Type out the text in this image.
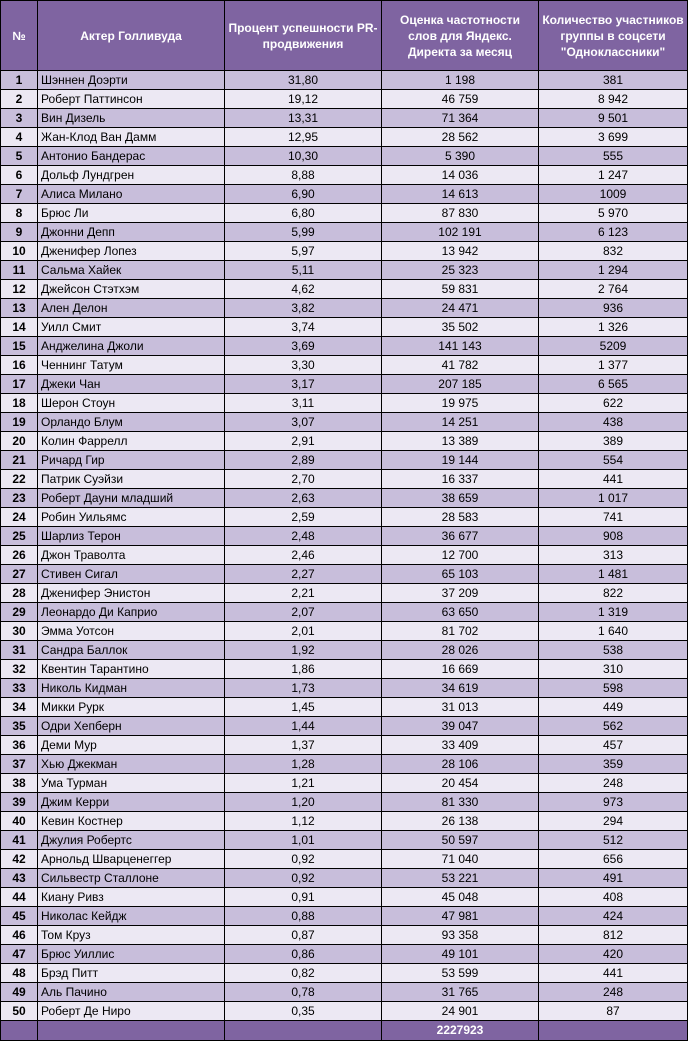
№	Актер Голливуда	Процент успешности PR-продвижения	Оценка частотности слов для Яндекс. Директа за месяц	Количество участников группы в соцсети "Одноклассники"
1	Шэннен Доэрти	31,80	1 198	381
2	Роберт Паттинсон	19,12	46 759	8 942
3	Вин Дизель	13,31	71 364	9 501
4	Жан-Клод Ван Дамм	12,95	28 562	3 699
5	Антонио Бандерас	10,30	5 390	555
6	Дольф Лундгрен	8,88	14 036	1 247
7	Алиса Милано	6,90	14 613	1009
8	Брюс Ли	6,80	87 830	5 970
9	Джонни Депп	5,99	102 191	6 123
10	Дженифер Лопез	5,97	13 942	832
11	Сальма Хайек	5,11	25 323	1 294
12	Джейсон Стэтхэм	4,62	59 831	2 764
13	Ален Делон	3,82	24 471	936
14	Уилл Смит	3,74	35 502	1 326
15	Анджелина Джоли	3,69	141 143	5209
16	Ченнинг Татум	3,30	41 782	1 377
17	Джеки Чан	3,17	207 185	6 565
18	Шерон Стоун	3,11	19 975	622
19	Орландо Блум	3,07	14 251	438
20	Колин Фаррелл	2,91	13 389	389
21	Ричард Гир	2,89	19 144	554
22	Патрик Суэйзи	2,70	16 337	441
23	Роберт Дауни младший	2,63	38 659	1 017
24	Робин Уильямс	2,59	28 583	741
25	Шарлиз Терон	2,48	36 677	908
26	Джон Траволта	2,46	12 700	313
27	Стивен Сигал	2,27	65 103	1 481
28	Дженифер Энистон	2,21	37 209	822
29	Леонардо Ди Каприо	2,07	63 650	1 319
30	Эмма Уотсон	2,01	81 702	1 640
31	Сандра Баллок	1,92	28 026	538
32	Квентин Тарантино	1,86	16 669	310
33	Николь Кидман	1,73	34 619	598
34	Микки Рурк	1,45	31 013	449
35	Одри Хепберн	1,44	39 047	562
36	Деми Мур	1,37	33 409	457
37	Хью Джекман	1,28	28 106	359
38	Ума Турман	1,21	20 454	248
39	Джим Керри	1,20	81 330	973
40	Кевин Костнер	1,12	26 138	294
41	Джулия Робертс	1,01	50 597	512
42	Арнольд Шварценеггер	0,92	71 040	656
43	Сильвестр Сталлоне	0,92	53 221	491
44	Киану Ривз	0,91	45 048	408
45	Николас Кейдж	0,88	47 981	424
46	Том Круз	0,87	93 358	812
47	Брюс Уиллис	0,86	49 101	420
48	Брэд Питт	0,82	53 599	441
49	Аль Пачино	0,78	31 765	248
50	Роберт Де Ниро	0,35	24 901	87
			2227923	
